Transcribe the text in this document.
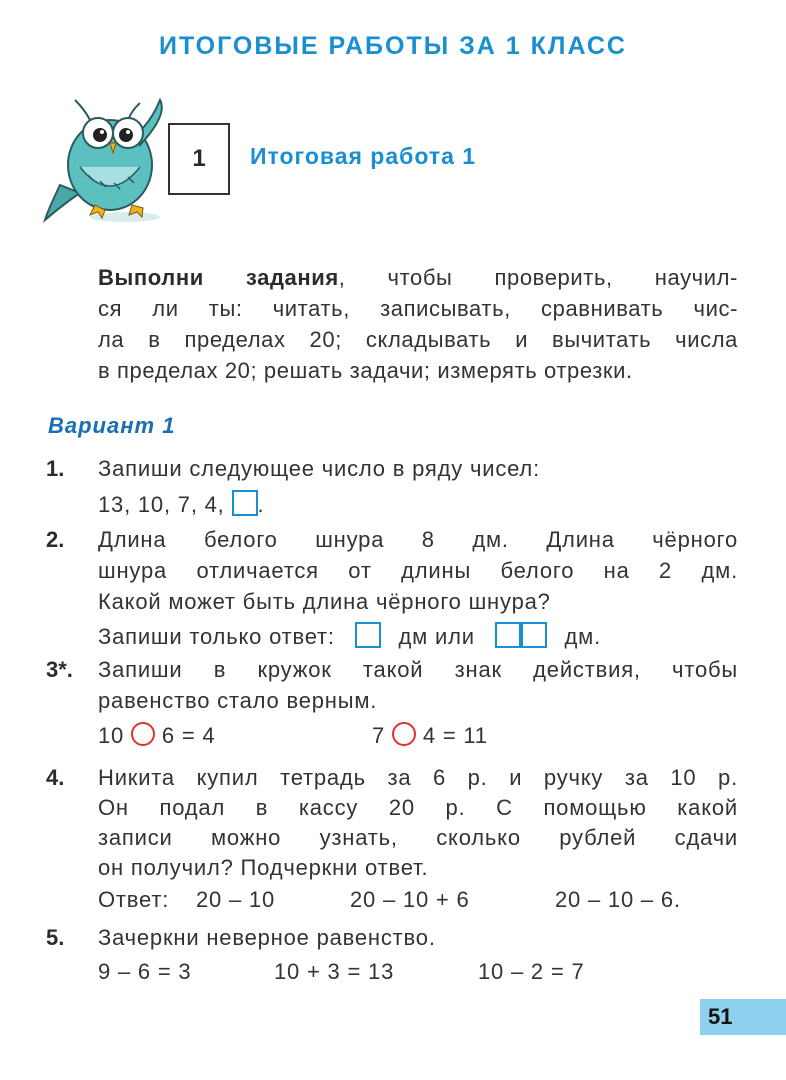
ИТОГОВЫЕ РАБОТЫ ЗА 1 КЛАСС
1	Итоговая работа 1
Выполни задания, чтобы проверить, научил-
ся ли ты: читать, записывать, сравнивать чис-
ла в пределах 20; складывать и вычитать числа
в пределах 20; решать задачи; измерять отрезки.
Вариант 1
1. Запиши следующее число в ряду чисел:
13, 10, 7, 4, .
2. Длина белого шнура 8 дм. Длина чёрного
шнура отличается от длины белого на 2 дм.
Какой может быть длина чёрного шнура?
Запиши только ответ:	дм или	дм.
3*. Запиши в кружок такой знак действия, чтобы
равенство стало верным.
10 6 = 4	7 4 = 11
4. Никита купил тетрадь за 6 р. и ручку за 10 р.
Он подал в кассу 20 р. С помощью какой
записи можно узнать, сколько рублей сдачи
он получил? Подчеркни ответ.
Ответ: 20 – 10	20 – 10 + 6	20 – 10 – 6.
5. Зачеркни неверное равенство.
9 – 6 = 3	10 + 3 = 13	10 – 2 = 7
51
